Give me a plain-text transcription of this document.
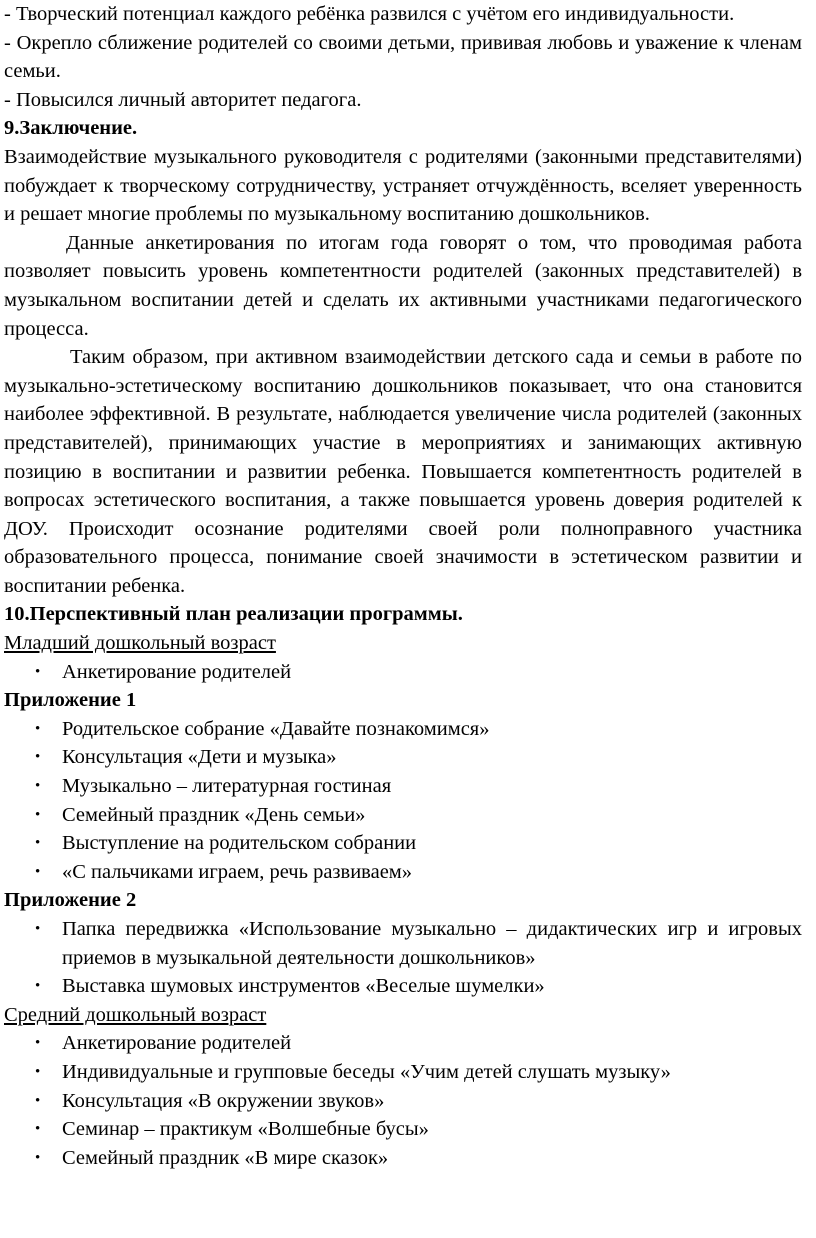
- Творческий потенциал каждого ребёнка развился с учётом его индивидуальности.

- Окрепло сближение родителей со своими детьми, прививая любовь и уважение к членам семьи.

- Повысился личный авторитет педагога.

9.Заключение.

Взаимодействие музыкального руководителя с родителями (законными представителями) побуждает к творческому сотрудничеству, устраняет отчуждённость, вселяет уверенность и решает многие проблемы по музыкальному воспитанию дошкольников.

Данные анкетирования по итогам года говорят о том, что проводимая работа позволяет повысить уровень компетентности родителей (законных представителей) в музыкальном воспитании детей и сделать их активными участниками педагогического процесса.

Таким образом, при активном взаимодействии детского сада и семьи в работе по музыкально-эстетическому воспитанию дошкольников показывает, что она становится наиболее эффективной. В результате, наблюдается увеличение числа родителей (законных представителей), принимающих участие в мероприятиях и занимающих активную позицию в воспитании и развитии ребенка. Повышается компетентность родителей в вопросах эстетического воспитания, а также повышается уровень доверия родителей к ДОУ. Происходит осознание родителями своей роли полноправного участника образовательного процесса, понимание своей значимости в эстетическом развитии и воспитании ребенка.

10.Перспективный план реализации программы.

Младший дошкольный возраст

• Анкетирование родителей

Приложение 1

• Родительское собрание «Давайте познакомимся»
• Консультация «Дети и музыка»
• Музыкально – литературная гостиная
• Семейный праздник «День семьи»
• Выступление на родительском собрании
• «С пальчиками играем, речь развиваем»

Приложение 2

• Папка передвижка «Использование музыкально – дидактических игр и игровых приемов в музыкальной деятельности дошкольников»
• Выставка шумовых инструментов «Веселые шумелки»

Средний дошкольный возраст

• Анкетирование родителей
• Индивидуальные и групповые беседы «Учим детей слушать музыку»
• Консультация «В окружении звуков»
• Семинар – практикум «Волшебные бусы»
• Семейный праздник «В мире сказок»
